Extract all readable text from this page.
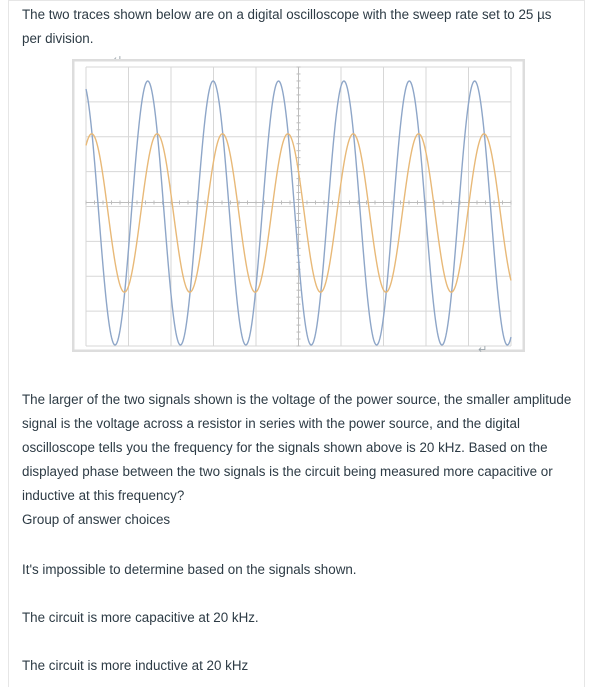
The two traces shown below are on a digital oscilloscope with the sweep rate set to 25 µs per division.
↵
The larger of the two signals shown is the voltage of the power source, the smaller amplitude signal is the voltage across a resistor in series with the power source, and the digital oscilloscope tells you the frequency for the signals shown above is 20 kHz. Based on the displayed phase between the two signals is the circuit being measured more capacitive or inductive at this frequency?
Group of answer choices
It's impossible to determine based on the signals shown.
The circuit is more capacitive at 20 kHz.
The circuit is more inductive at 20 kHz
